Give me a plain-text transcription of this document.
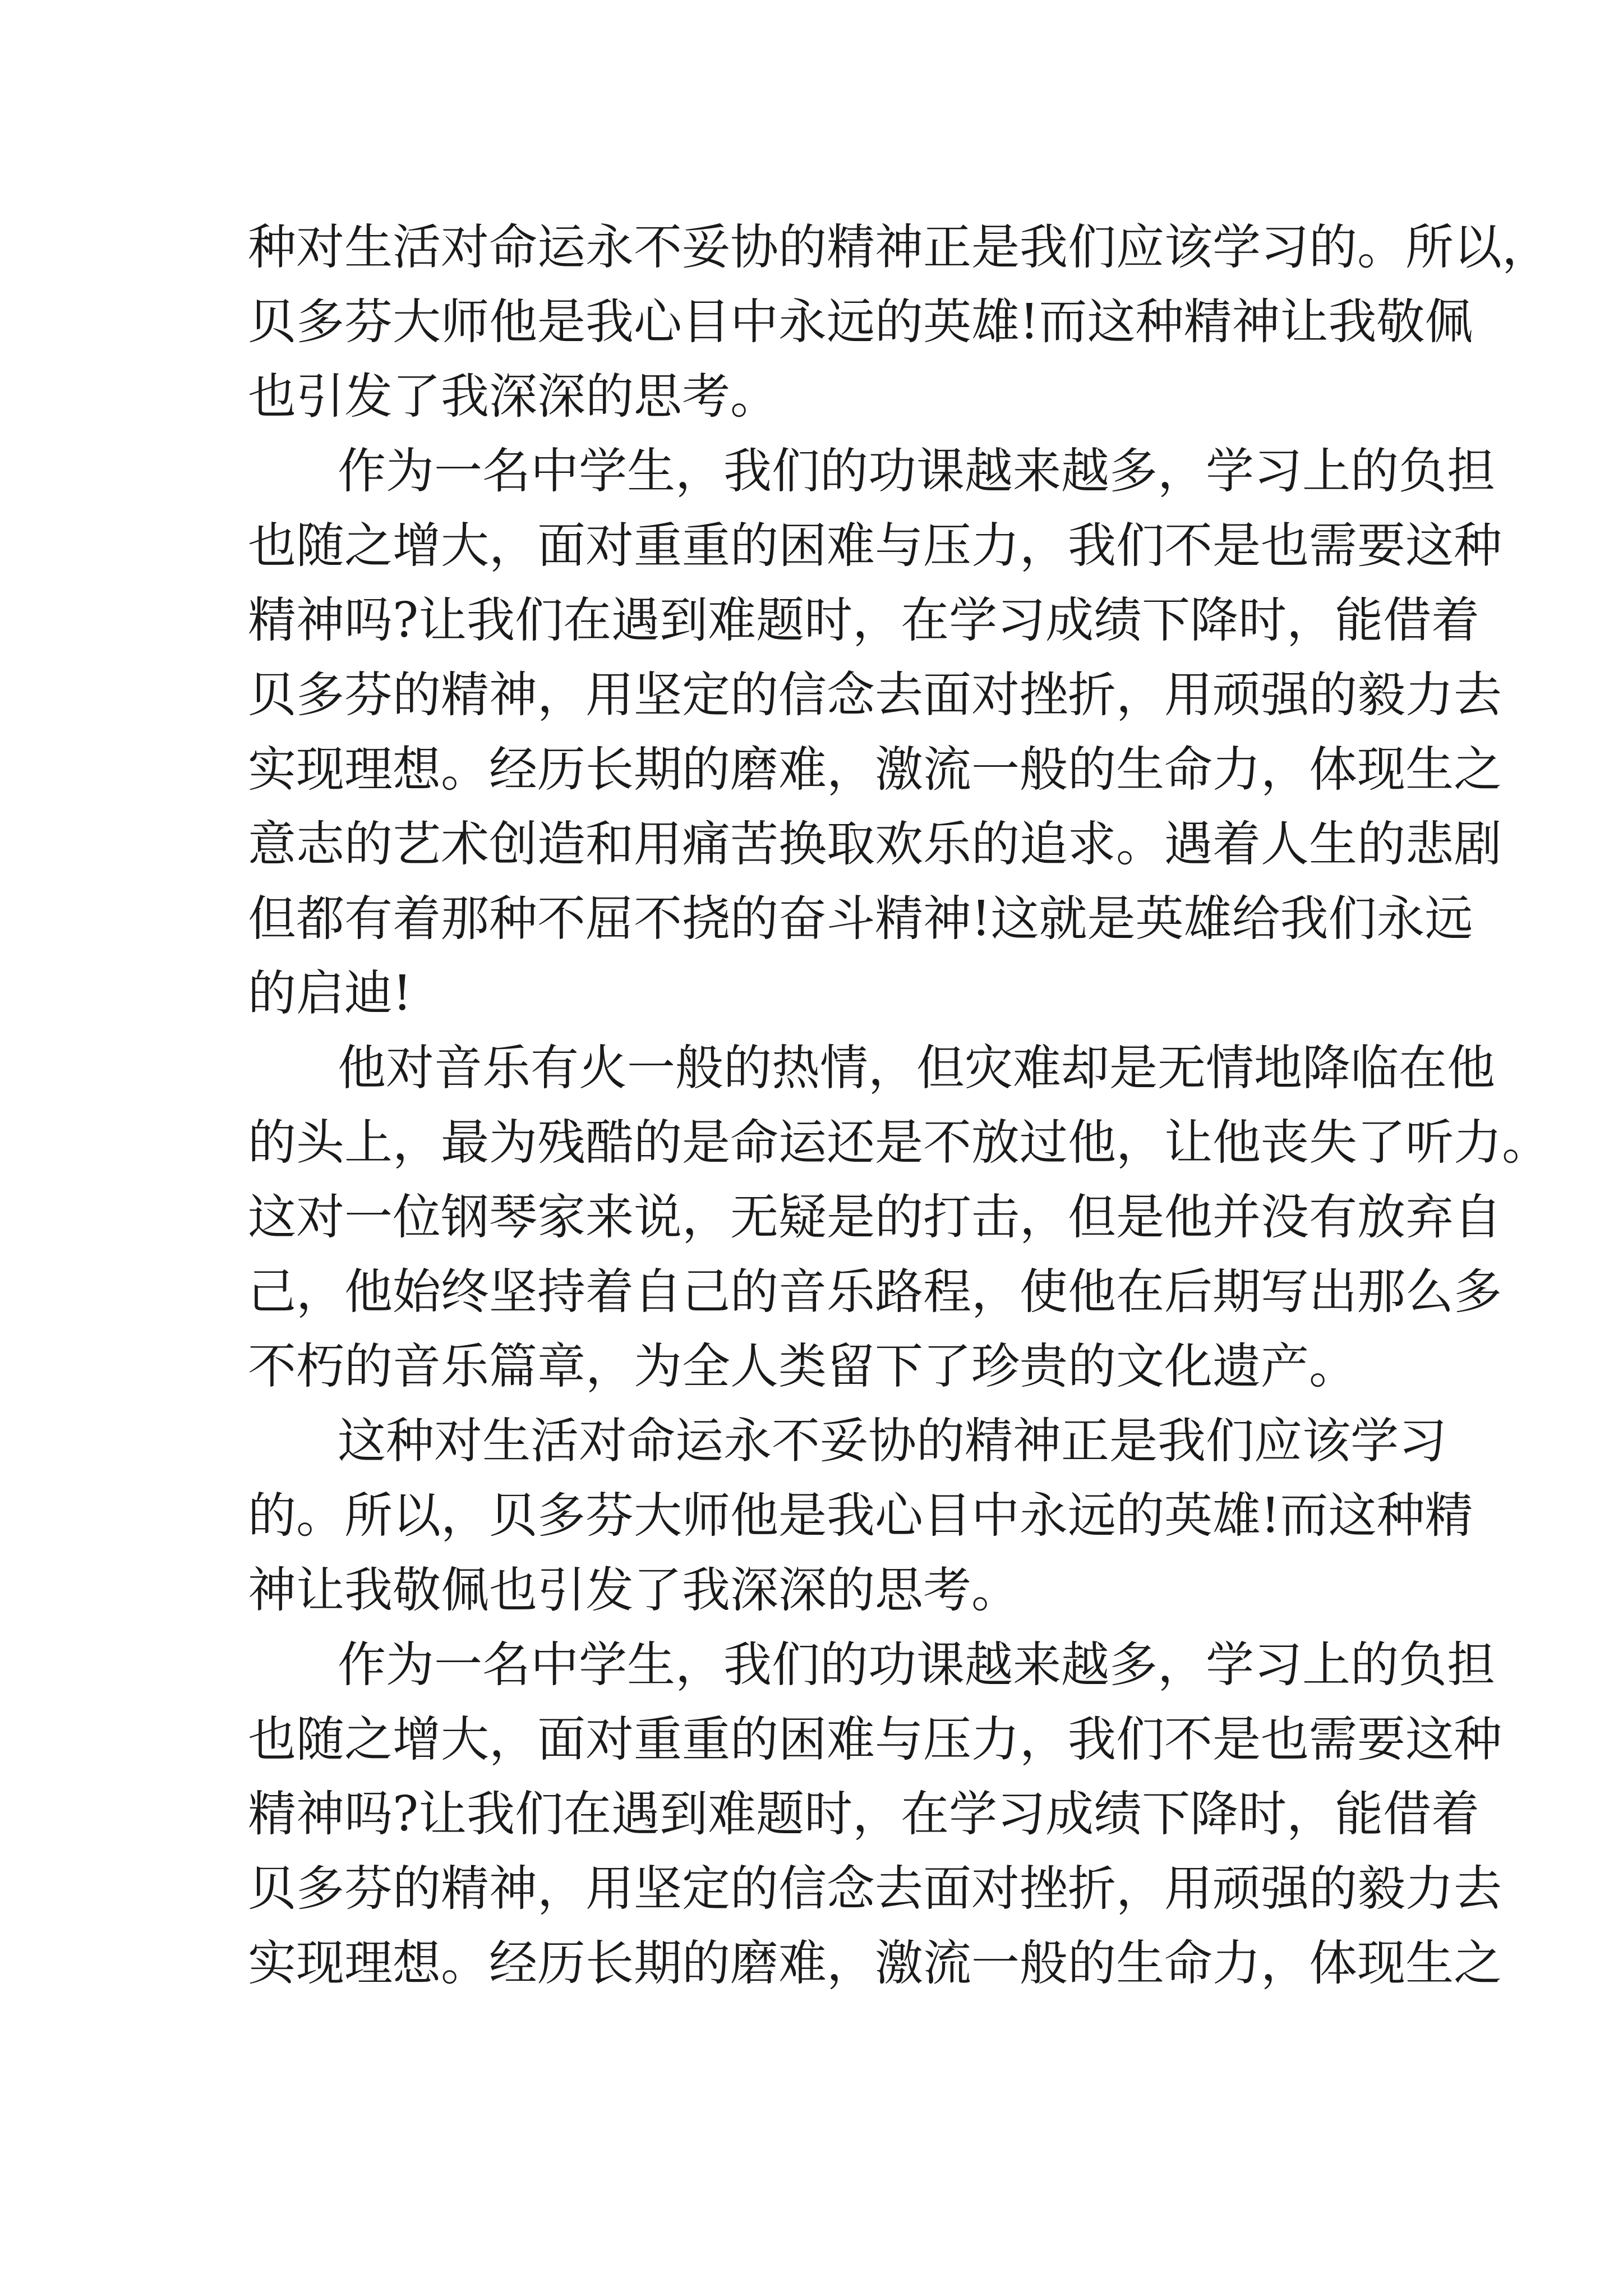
种对生活对命运永不妥协的精神正是我们应该学习的。所以，
贝多芬大师他是我心目中永远的英雄!而这种精神让我敬佩
也引发了我深深的思考。
作为一名中学生，我们的功课越来越多，学习上的负担
也随之增大，面对重重的困难与压力，我们不是也需要这种
精神吗?让我们在遇到难题时，在学习成绩下降时，能借着
贝多芬的精神，用坚定的信念去面对挫折，用顽强的毅力去
实现理想。经历长期的磨难，激流一般的生命力，体现生之
意志的艺术创造和用痛苦换取欢乐的追求。遇着人生的悲剧
但都有着那种不屈不挠的奋斗精神!这就是英雄给我们永远
的启迪!
他对音乐有火一般的热情，但灾难却是无情地降临在他
的头上，最为残酷的是命运还是不放过他，让他丧失了听力。
这对一位钢琴家来说，无疑是的打击，但是他并没有放弃自
己，他始终坚持着自己的音乐路程，使他在后期写出那么多
不朽的音乐篇章，为全人类留下了珍贵的文化遗产。
这种对生活对命运永不妥协的精神正是我们应该学习
的。所以，贝多芬大师他是我心目中永远的英雄!而这种精
神让我敬佩也引发了我深深的思考。
作为一名中学生，我们的功课越来越多，学习上的负担
也随之增大，面对重重的困难与压力，我们不是也需要这种
精神吗?让我们在遇到难题时，在学习成绩下降时，能借着
贝多芬的精神，用坚定的信念去面对挫折，用顽强的毅力去
实现理想。经历长期的磨难，激流一般的生命力，体现生之
